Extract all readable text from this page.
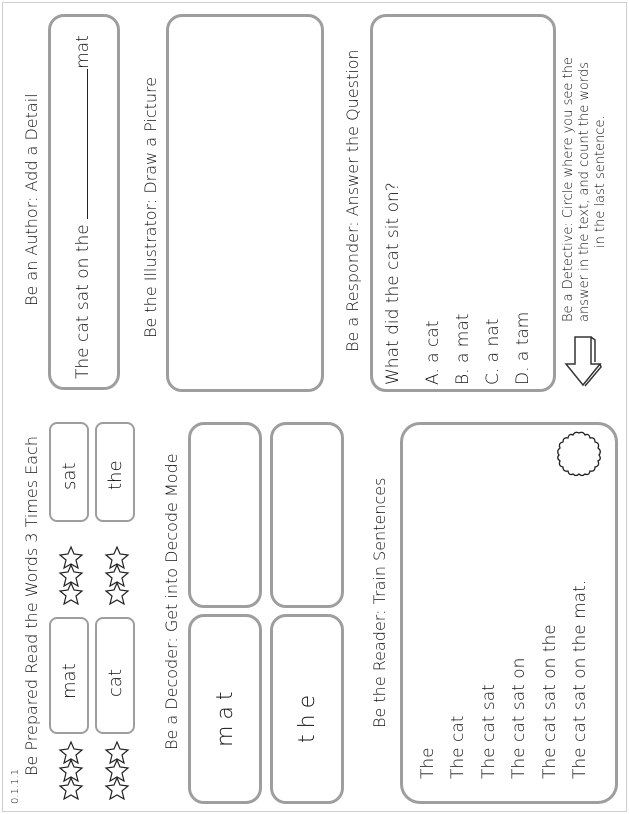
0.1.1.1
Be Prepared Read the Words 3 Times Each mat
sat
cat
the Be a Decoder: Get into Decode Mode mat	the	Be the Reader: Train Sentences
The The cat The cat sat The cat sat on The cat sat on the The cat sat on the mat.
Be an Author: Add a Detail The cat sat on the mat
Be the Illustrator: Draw a Picture	Be a Responder: Answer the Question What did the cat sit on? A. a cat B. a mat C. a nat D. a tam
Be a Detective: Circle where you see the answer in the text, and count the words in the last sentence.
